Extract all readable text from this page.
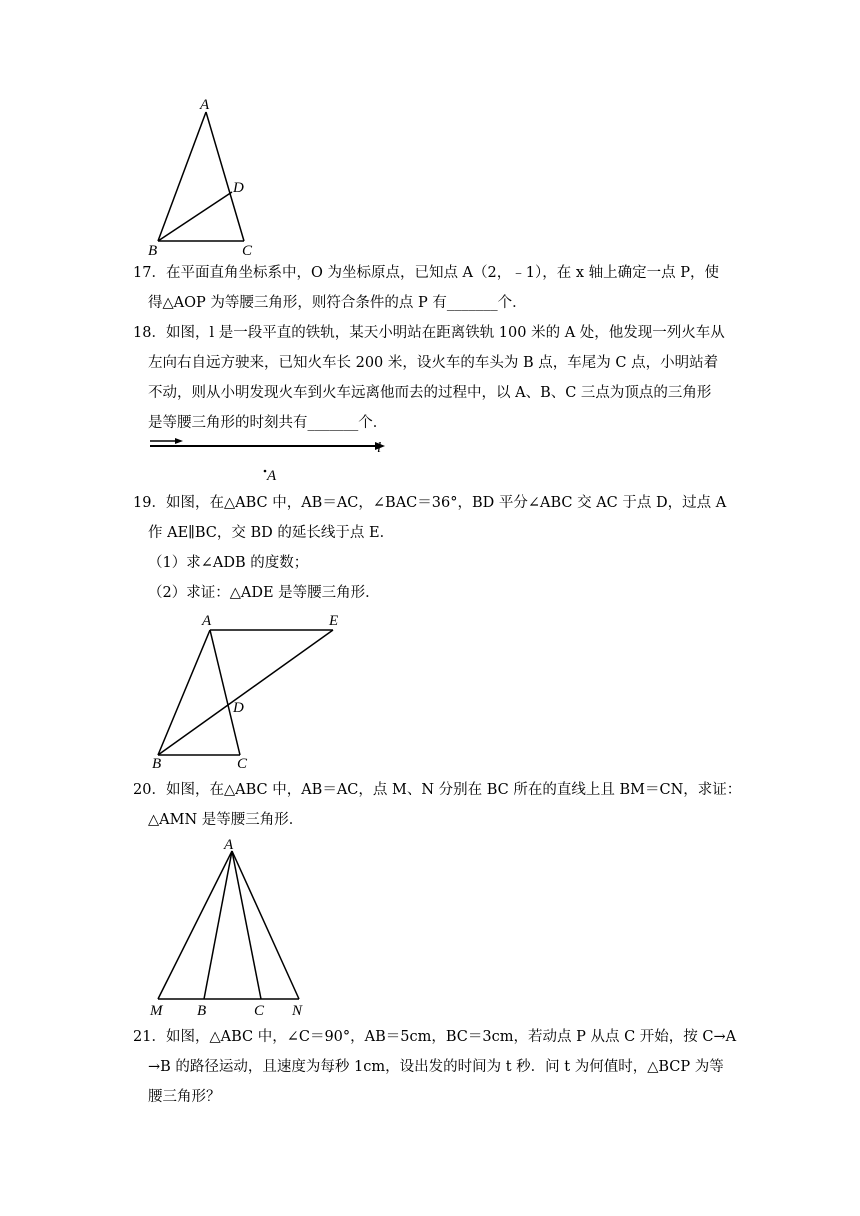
A
D
B	C
17．在平面直角坐标系中，O 为坐标原点，已知点 A（2，﹣1），在 x 轴上确定一点 P，使
得△AOP 为等腰三角形，则符合条件的点 P 有_______个．
18．如图，l 是一段平直的铁轨，某天小明站在距离铁轨 100 米的 A 处，他发现一列火车从
左向右自远方驶来，已知火车长 200 米，设火车的车头为 B 点，车尾为 C 点，小明站着
不动，则从小明发现火车到火车远离他而去的过程中，以 A、B、C 三点为顶点的三角形
是等腰三角形的时刻共有_______个．
l
A
19．如图，在△ABC 中，AB＝AC，∠BAC＝36°，BD 平分∠ABC 交 AC 于点 D，过点 A
作 AE∥BC，交 BD 的延长线于点 E．
（1）求∠ADB 的度数；
（2）求证：△ADE 是等腰三角形．
A	E
D
B	C
20．如图，在△ABC 中，AB＝AC，点 M、N 分别在 BC 所在的直线上且 BM＝CN，求证：
△AMN 是等腰三角形．
A
M B	C N
21．如图，△ABC 中，∠C＝90°，AB＝5cm，BC＝3cm，若动点 P 从点 C 开始，按 C→A
→B 的路径运动，且速度为每秒 1cm，设出发的时间为 t 秒．问 t 为何值时，△BCP 为等
腰三角形？
